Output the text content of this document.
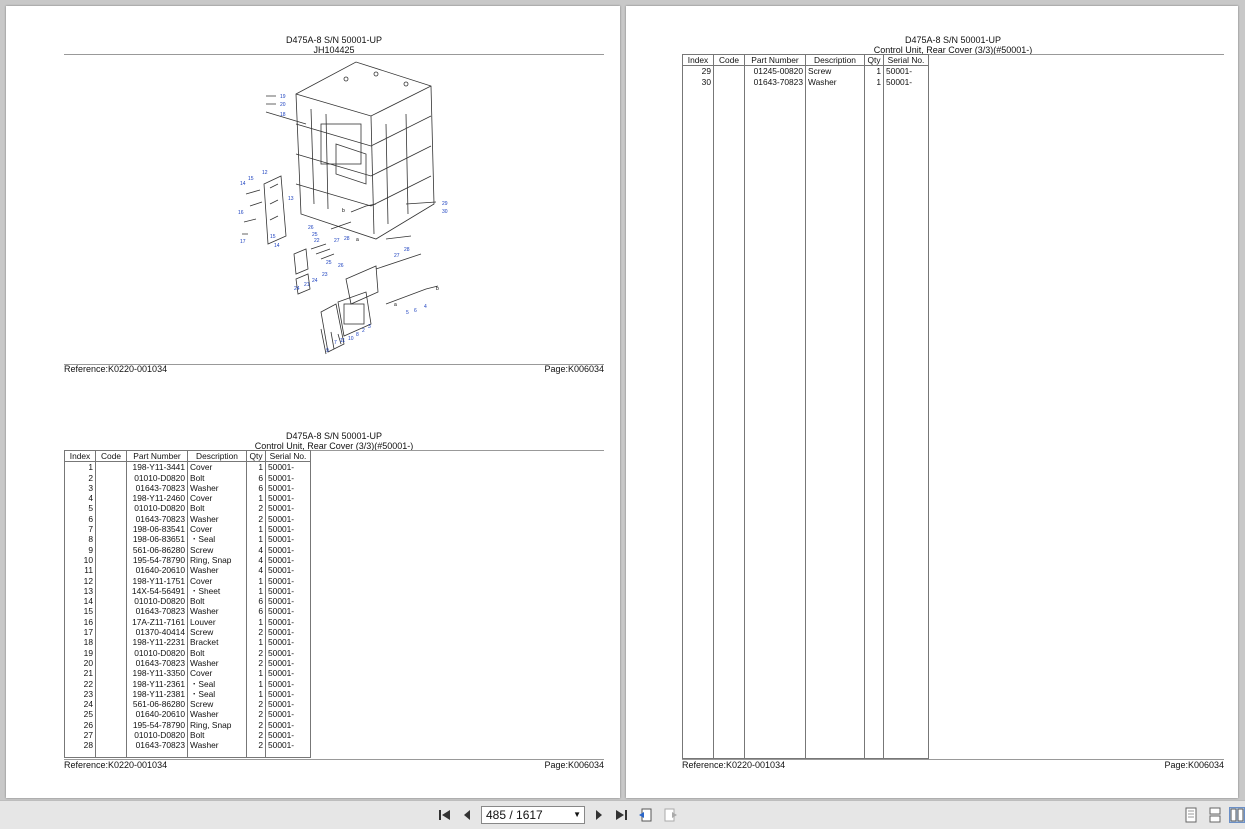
D475A-8 S/N 50001-UP
JH104425
19
20
18
12
15
14
13
16
17
15
14
26
25
22	27 28
23
26
25
24
24
21
29
30
28
27
9
7 11 10
8
2
3
5 6
4
b
b
a
a
Reference:K0220-001034	Page:K006034
D475A-8 S/N 50001-UP
Control Unit, Rear Cover (3/3)(#50001-)
Index	Code	Part Number	Description	Qty	Serial No.
1		198-Y11-3441	Cover	1	50001-
2		01010-D0820	Bolt	6	50001-
3		01643-70823	Washer	6	50001-
4		198-Y11-2460	Cover	1	50001-
5		01010-D0820	Bolt	2	50001-
6		01643-70823	Washer	2	50001-
7		198-06-83541	Cover	1	50001-
8		198-06-83651	・Seal	1	50001-
9		561-06-86280	Screw	4	50001-
10		195-54-78790	Ring, Snap	4	50001-
11		01640-20610	Washer	4	50001-
12		198-Y11-1751	Cover	1	50001-
13		14X-54-56491	・Sheet	1	50001-
14		01010-D0820	Bolt	6	50001-
15		01643-70823	Washer	6	50001-
16		17A-Z11-7161	Louver	1	50001-
17		01370-40414	Screw	2	50001-
18		198-Y11-2231	Bracket	1	50001-
19		01010-D0820	Bolt	2	50001-
20		01643-70823	Washer	2	50001-
21		198-Y11-3350	Cover	1	50001-
22		198-Y11-2361	・Seal	1	50001-
23		198-Y11-2381	・Seal	1	50001-
24		561-06-86280	Screw	2	50001-
25		01640-20610	Washer	2	50001-
26		195-54-78790	Ring, Snap	2	50001-
27		01010-D0820	Bolt	2	50001-
28		01643-70823	Washer	2	50001-

Reference:K0220-001034	Page:K006034
D475A-8 S/N 50001-UP
Control Unit, Rear Cover (3/3)(#50001-)
Index	Code	Part Number	Description	Qty	Serial No.
29		01245-00820	Screw	1	50001-
30		01643-70823	Washer	1	50001-

Reference:K0220-001034	Page:K006034
485 / 1617	▼
